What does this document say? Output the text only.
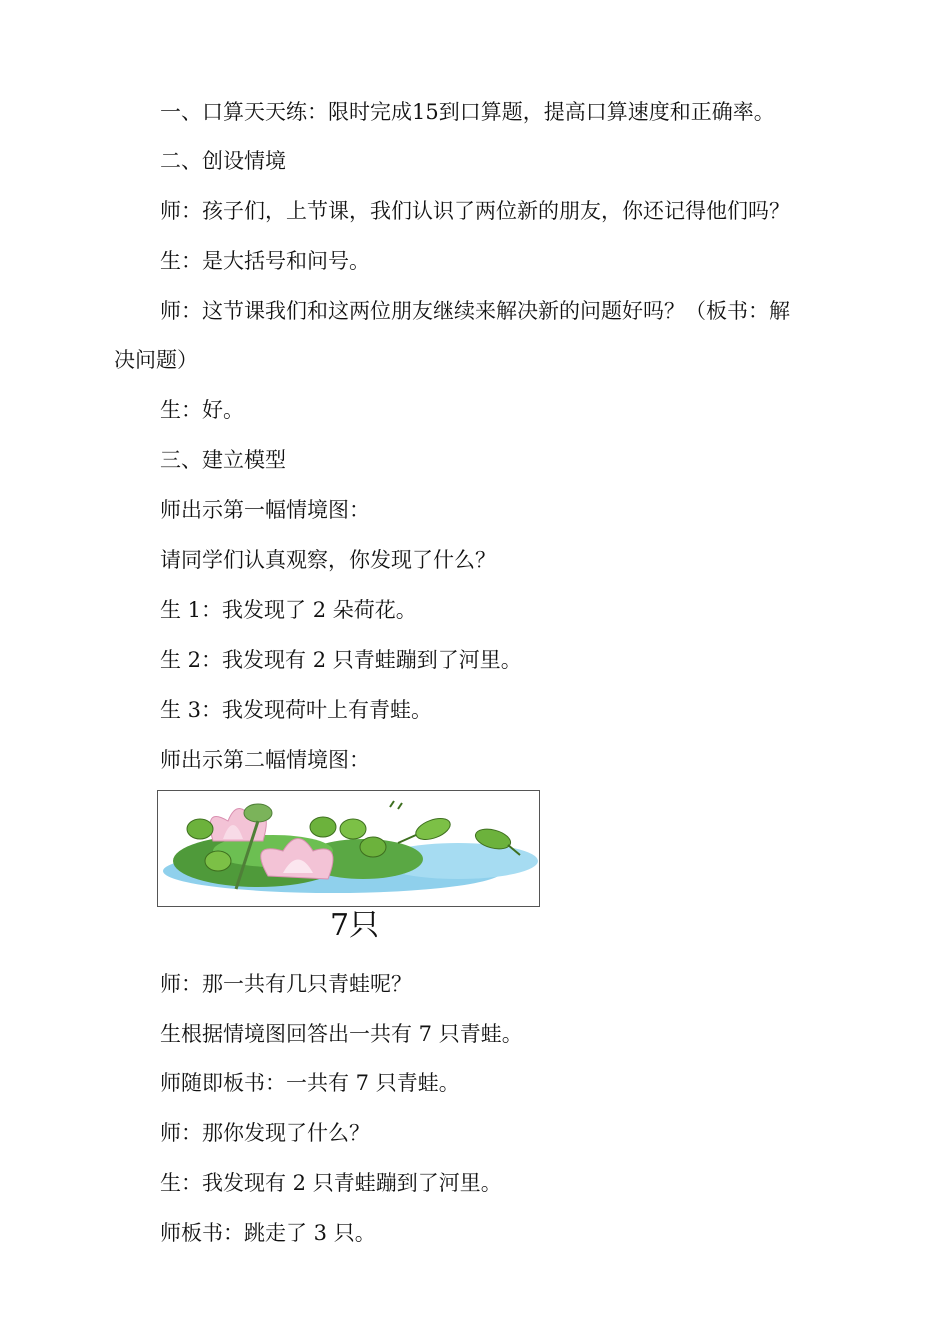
一、口算天天练：限时完成15到口算题，提高口算速度和正确率。
二、创设情境
师：孩子们，上节课，我们认识了两位新的朋友，你还记得他们吗？
生：是大括号和问号。
师：这节课我们和这两位朋友继续来解决新的问题好吗？（板书：解
决问题）
生：好。
三、建立模型
师出示第一幅情境图：
请同学们认真观察，你发现了什么？
生 1：我发现了 2 朵荷花。
生 2：我发现有 2 只青蛙蹦到了河里。
生 3：我发现荷叶上有青蛙。
师出示第二幅情境图：
7只
师：那一共有几只青蛙呢？
生根据情境图回答出一共有 7 只青蛙。
师随即板书：一共有 7 只青蛙。
师：那你发现了什么？
生：我发现有 2 只青蛙蹦到了河里。
师板书：跳走了 3 只。
